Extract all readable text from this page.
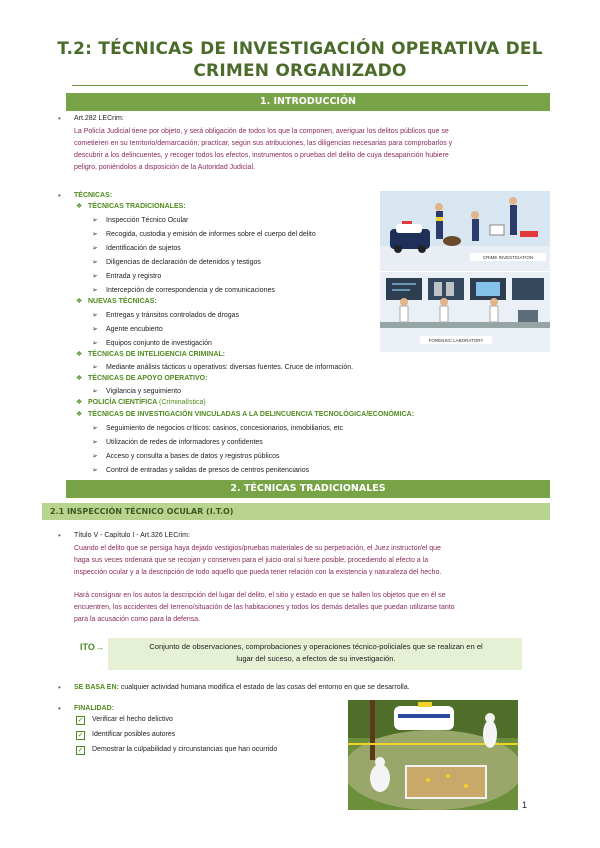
T.2: TÉCNICAS DE INVESTIGACIÓN OPERATIVA DEL
CRIMEN ORGANIZADO
1. INTRODUCCIÓN
• Art.282 LECrim:
La Policía Judicial tiene por objeto, y será obligación de todos los que la componen, averiguar los delitos públicos que se
cometieren en su territorio/demarcación; practicar, según sus atribuciones, las diligencias necesarias para comprobarlos y
descubrir a los delincuentes, y recoger todos los efectos, instrumentos o pruebas del delito de cuya desaparición hubiere
peligro, poniéndolos a disposición de la Autoridad Judicial.
• TÉCNICAS:
❖ TÉCNICAS TRADICIONALES:
➢ Inspección Técnico Ocular
➢ Recogida, custodia y emisión de informes sobre el cuerpo del delito
➢ Identificación de sujetos
➢ Diligencias de declaración de detenidos y testigos
➢ Entrada y registro
➢ Intercepción de correspondencia y de comunicaciones
❖ NUEVAS TÉCNICAS:
➢ Entregas y tránsitos controlados de drogas
➢ Agente encubierto
➢ Equipos conjunto de investigación
❖ TÉCNICAS DE INTELIGENCIA CRIMINAL:
➢ Mediante análisis tácticos u operativos: diversas fuentes. Cruce de información.
❖ TÉCNICAS DE APOYO OPERATIVO:
➢ Vigilancia y seguimiento
❖ POLICÍA CIENTÍFICA (Criminalística)
❖ TÉCNICAS DE INVESTIGACIÓN VINCULADAS A LA DELINCUENCIA TECNOLÓGICA/ECONÓMICA:
➢ Seguimiento de negocios críticos: casinos, concesionarios, inmobiliarios, etc
➢ Utilización de redes de informadores y confidentes
➢ Acceso y consulta a bases de datos y registros públicos
➢ Control de entradas y salidas de presos de centros penitenciarios
CRIME INVESTIGATION
FORENSIC LABORATORY
2. TÉCNICAS TRADICIONALES
2.1 INSPECCIÓN TÉCNICO OCULAR (I.T.O)
• Título V - Capítulo I - Art.326 LECrim:
Cuando el delito que se persiga haya dejado vestigios/pruebas materiales de su perpetración, el Juez instructor/el que
haga sus veces ordenará que se recojan y conserven para el juicio oral si fuere posible, procediendo al efecto a la
inspección ocular y a la descripción de todo aquello que pueda tener relación con la existencia y naturaleza del hecho.
Hará consignar en los autos la descripción del lugar del delito, el sitio y estado en que se hallen los objetos que en él se
encuentren, los accidentes del terreno/situación de las habitaciones y todos los demás detalles que puedan utilizarse tanto
para la acusación como para la defensa.
ITO→	Conjunto de observaciones, comprobaciones y operaciones técnico-policiales que se realizan en el
lugar del suceso, a efectos de su investigación.
• SE BASA EN: cualquier actividad humana modifica el estado de las cosas del entorno en que se desarrolla.
• FINALIDAD:
✓ Verificar el hecho delictivo
✓ Identificar posibles autores
✓ Demostrar la culpabilidad y circunstancias que han ocurrido
1
